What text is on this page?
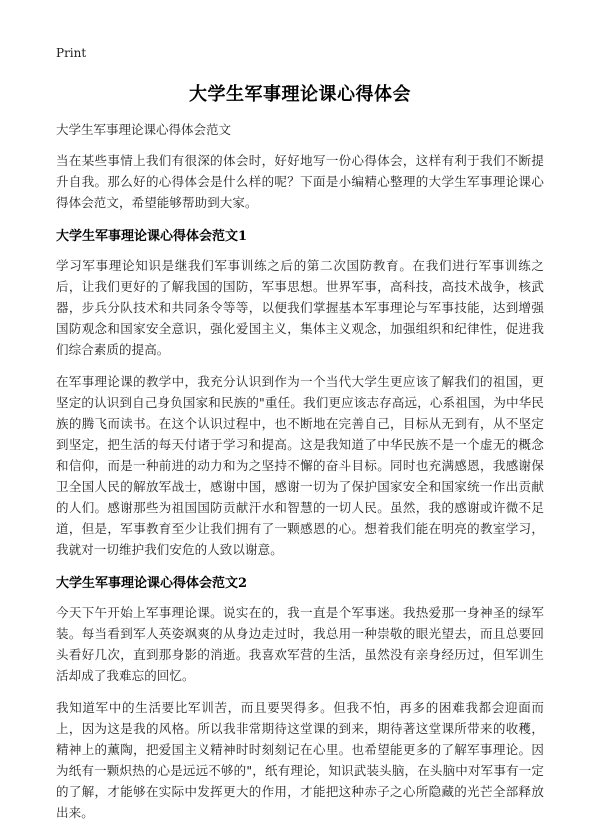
Print
大学生军事理论课心得体会

大学生军事理论课心得体会范文

当在某些事情上我们有很深的体会时，好好地写一份心得体会，这样有利于我们不断提升自我。那么好的心得体会是什么样的呢？下面是小编精心整理的大学生军事理论课心得体会范文，希望能够帮助到大家。

大学生军事理论课心得体会范文1

学习军事理论知识是继我们军事训练之后的第二次国防教育。在我们进行军事训练之后，让我们更好的了解我国的国防，军事思想。世界军事，高科技，高技术战争，核武器，步兵分队技术和共同条令等等，以便我们掌握基本军事理论与军事技能，达到增强国防观念和国家安全意识，强化爱国主义，集体主义观念，加强组织和纪律性，促进我们综合素质的提高。

在军事理论课的教学中，我充分认识到作为一个当代大学生更应该了解我们的祖国，更坚定的认识到自己身负国家和民族的"重任。我们更应该志存高远，心系祖国，为中华民族的腾飞而读书。在这个认识过程中，也不断地在完善自己，目标从无到有，从不坚定到坚定，把生活的每天付诸于学习和提高。这是我知道了中华民族不是一个虚无的概念和信仰，而是一种前进的动力和为之坚持不懈的奋斗目标。同时也充满感恩，我感谢保卫全国人民的解放军战士，感谢中国，感谢一切为了保护国家安全和国家统一作出贡献的人们。感谢那些为祖国国防贡献汗水和智慧的一切人民。虽然，我的感谢或许微不足道，但是，军事教育至少让我们拥有了一颗感恩的心。想着我们能在明亮的教室学习，我就对一切维护我们安危的人致以谢意。

大学生军事理论课心得体会范文2

今天下午开始上军事理论课。说实在的，我一直是个军事迷。我热爱那一身神圣的绿军装。每当看到军人英姿飒爽的从身边走过时，我总用一种崇敬的眼光望去，而且总要回头看好几次，直到那身影的消逝。我喜欢军营的生活，虽然没有亲身经历过，但军训生活却成了我难忘的回忆。

我知道军中的生活要比军训苦，而且要哭得多。但我不怕，再多的困难我都会迎面而上，因为这是我的风格。所以我非常期待这堂课的到来，期待著这堂课所带来的收穫，精神上的薰陶，把爱国主义精神时时刻刻记在心里。也希望能更多的了解军事理论。因为纸有一颗炽热的心是远远不够的"，纸有理论，知识武装头脑，在头脑中对军事有一定的了解，才能够在实际中发挥更大的作用，才能把这种赤子之心所隐藏的光芒全部释放出来。
